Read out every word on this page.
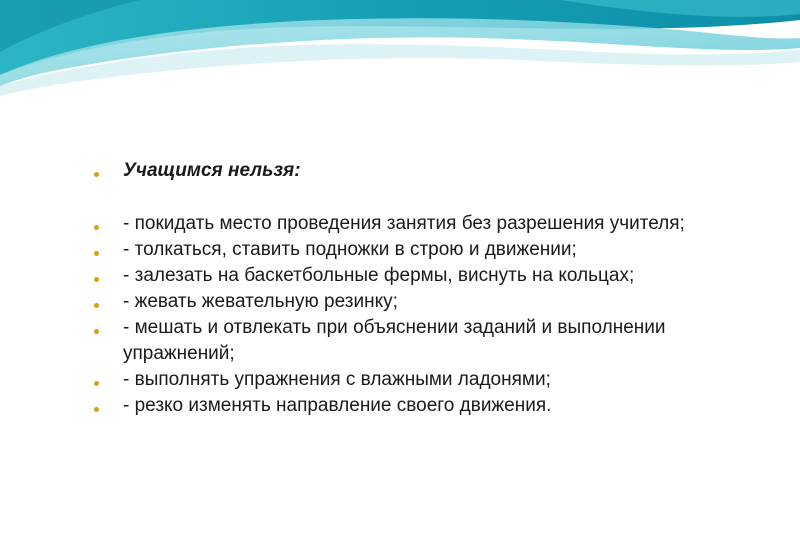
Учащимся нельзя:
- покидать место проведения занятия без разрешения учителя;
- толкаться, ставить подножки в строю и движении;
- залезать на баскетбольные фермы, виснуть на кольцах;
- жевать жевательную резинку;
- мешать и отвлекать при объяснении заданий и выполнении упражнений;
- выполнять упражнения с влажными ладонями;
- резко изменять направление своего движения.
